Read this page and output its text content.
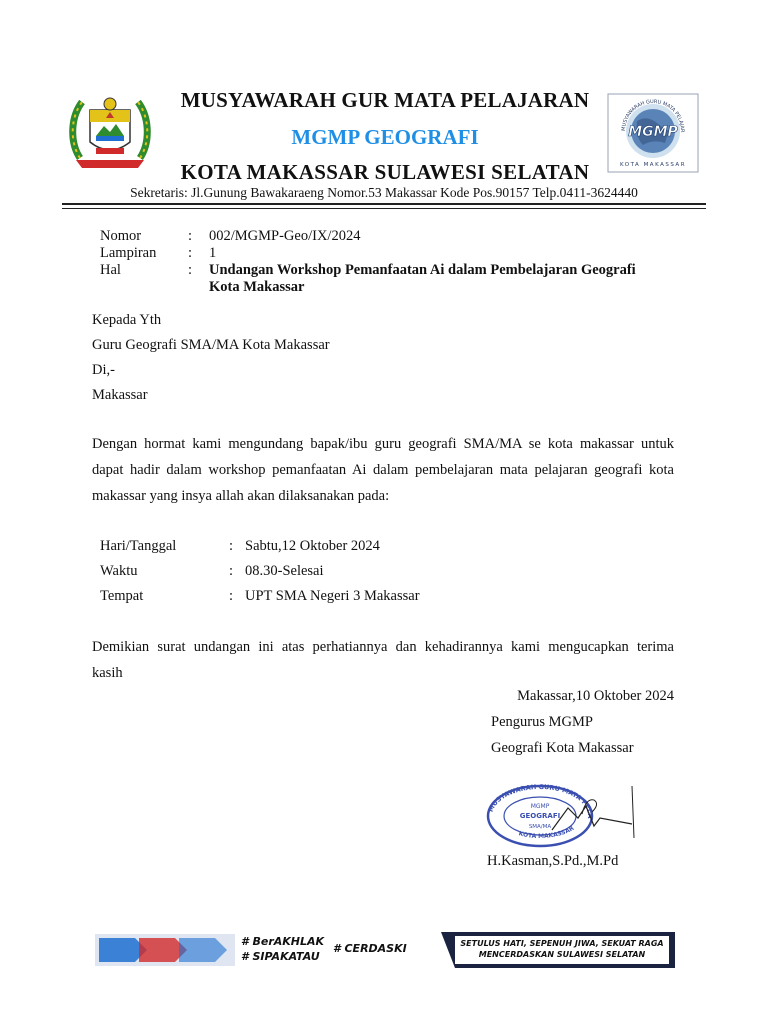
MUSYAWARAH GUR MATA PELAJARAN
MGMP GEOGRAFI
KOTA MAKASSAR SULAWESI SELATAN
Sekretaris: Jl.Gunung Bawakaraeng Nomor.53 Makassar Kode Pos.90157 Telp.0411-3624440
MUSYAWARAH GURU MATA PELAJAR
MGMP
KOTA MAKASSAR
Nomor	: 002/MGMP-Geo/IX/2024
Lampiran : 1
Hal	: Undangan Workshop Pemanfaatan Ai dalam Pembelajaran Geografi
Kota Makassar
Kepada Yth
Guru Geografi SMA/MA Kota Makassar
Di,-
Makassar
Dengan hormat kami mengundang bapak/ibu guru geografi SMA/MA se kota makassar untuk
dapat hadir dalam workshop pemanfaatan Ai dalam pembelajaran mata pelajaran geografi kota
makassar yang insya allah akan dilaksanakan pada:
Hari/Tanggal	: Sabtu,12 Oktober 2024
Waktu	: 08.30-Selesai
Tempat	: UPT SMA Negeri 3 Makassar
Demikian surat undangan ini atas perhatiannya dan kehadirannya kami mengucapkan terima
kasih
Makassar,10 Oktober 2024
Pengurus MGMP
Geografi Kota Makassar
MUSYAWARAH GURU MATA PELA
KOTA MAKASSAR
MGMP
GEOGRAFI
SMA/MA
H.Kasman,S.Pd.,M.Pd
# BerAKHLAK
# SIPAKATAU
# CERDASKI	SETULUS HATI, SEPENUH JIWA, SEKUAT RAGA
MENCERDASKAN SULAWESI SELATAN
